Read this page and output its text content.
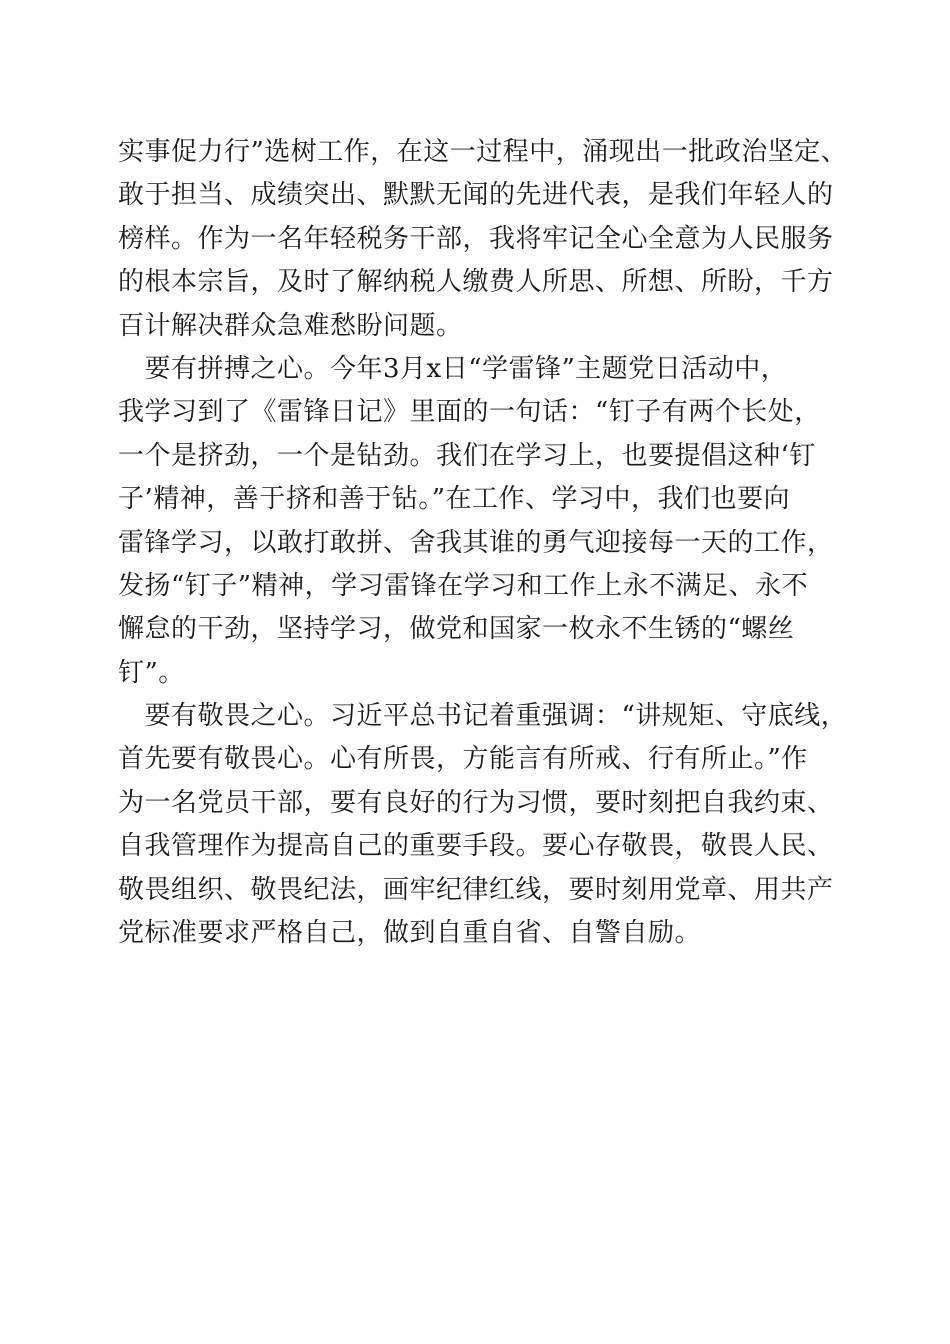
实事促力行”选树工作，在这一过程中，涌现出一批政治坚定、
敢于担当、成绩突出、默默无闻的先进代表，是我们年轻人的
榜样。作为一名年轻税务干部，我将牢记全心全意为人民服务
的根本宗旨，及时了解纳税人缴费人所思、所想、所盼，千方
百计解决群众急难愁盼问题。
　要有拼搏之心。今年3月x日“学雷锋”主题党日活动中，
我学习到了《雷锋日记》里面的一句话：“钉子有两个长处，
一个是挤劲，一个是钻劲。我们在学习上，也要提倡这种‘钉
子’精神，善于挤和善于钻。”在工作、学习中，我们也要向
雷锋学习，以敢打敢拼、舍我其谁的勇气迎接每一天的工作，
发扬“钉子”精神，学习雷锋在学习和工作上永不满足、永不
懈怠的干劲，坚持学习，做党和国家一枚永不生锈的“螺丝
钉”。
　要有敬畏之心。习近平总书记着重强调：“讲规矩、守底线，
首先要有敬畏心。心有所畏，方能言有所戒、行有所止。”作
为一名党员干部，要有良好的行为习惯，要时刻把自我约束、
自我管理作为提高自己的重要手段。要心存敬畏，敬畏人民、
敬畏组织、敬畏纪法，画牢纪律红线，要时刻用党章、用共产
党标准要求严格自己，做到自重自省、自警自励。
